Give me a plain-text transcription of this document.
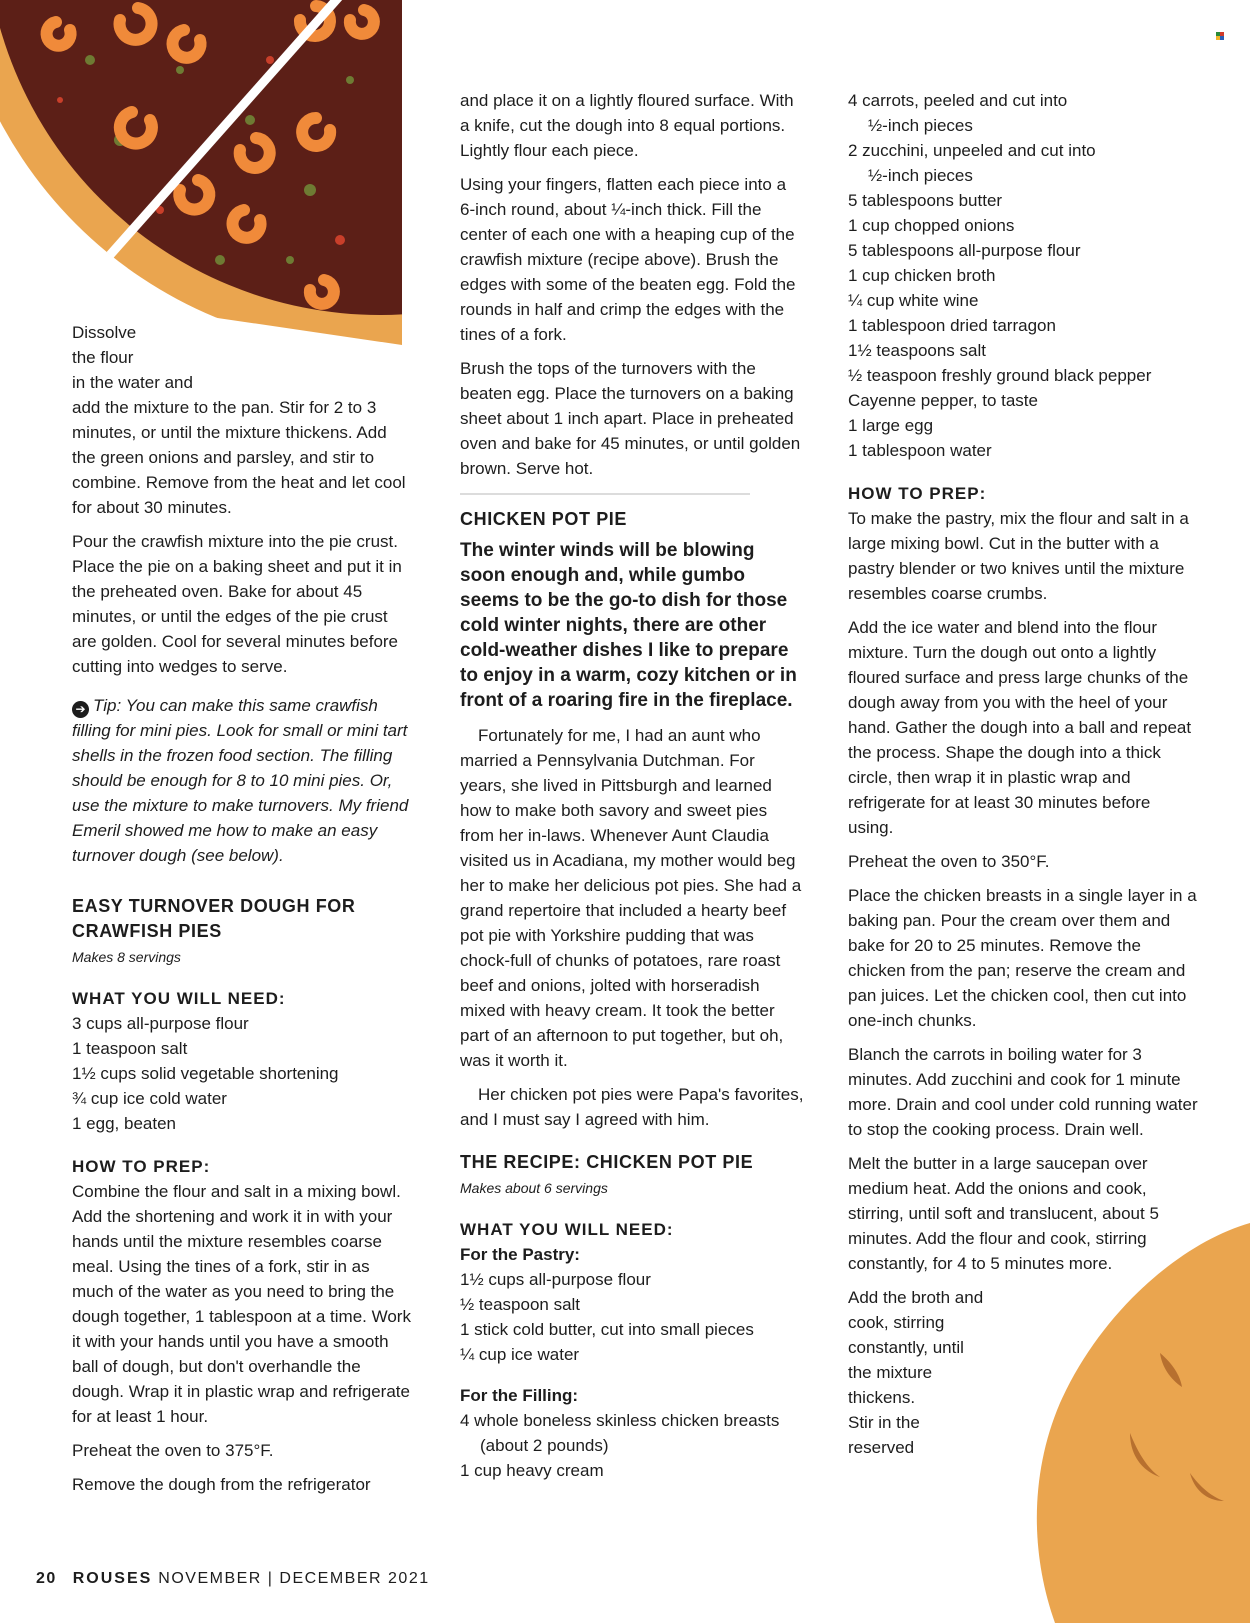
Dissolve
the flour
in the water and

add the mixture to the pan. Stir for 2 to 3 minutes, or until the mixture thickens. Add the green onions and parsley, and stir to combine. Remove from the heat and let cool for about 30 minutes.

Pour the crawfish mixture into the pie crust. Place the pie on a baking sheet and put it in the preheated oven. Bake for about 45 minutes, or until the edges of the pie crust are golden. Cool for several minutes before cutting into wedges to serve.

➔ Tip: You can make this same crawfish filling for mini pies. Look for small or mini tart shells in the frozen food section. The filling should be enough for 8 to 10 mini pies. Or, use the mixture to make turnovers. My friend Emeril showed me how to make an easy turnover dough (see below).

EASY TURNOVER DOUGH FOR CRAWFISH PIES
Makes 8 servings
WHAT YOU WILL NEED:
3 cups all-purpose flour
1 teaspoon salt
1½ cups solid vegetable shortening
¾ cup ice cold water
1 egg, beaten
HOW TO PREP:

Combine the flour and salt in a mixing bowl. Add the shortening and work it in with your hands until the mixture resembles coarse meal. Using the tines of a fork, stir in as much of the water as you need to bring the dough together, 1 tablespoon at a time. Work it with your hands until you have a smooth ball of dough, but don't overhandle the dough. Wrap it in plastic wrap and refrigerate for at least 1 hour.

Preheat the oven to 375°F.

Remove the dough from the refrigerator

and place it on a lightly floured surface. With a knife, cut the dough into 8 equal portions. Lightly flour each piece.

Using your fingers, flatten each piece into a 6-inch round, about ¼-inch thick. Fill the center of each one with a heaping cup of the crawfish mixture (recipe above). Brush the edges with some of the beaten egg. Fold the rounds in half and crimp the edges with the tines of a fork.

Brush the tops of the turnovers with the beaten egg. Place the turnovers on a baking sheet about 1 inch apart. Place in preheated oven and bake for 45 minutes, or until golden brown. Serve hot.

CHICKEN POT PIE

The winter winds will be blowing soon enough and, while gumbo seems to be the go-to dish for those cold winter nights, there are other cold-weather dishes I like to prepare to enjoy in a warm, cozy kitchen or in front of a roaring fire in the fireplace.

Fortunately for me, I had an aunt who married a Pennsylvania Dutchman. For years, she lived in Pittsburgh and learned how to make both savory and sweet pies from her in-laws. Whenever Aunt Claudia visited us in Acadiana, my mother would beg her to make her delicious pot pies. She had a grand repertoire that included a hearty beef pot pie with Yorkshire pudding that was chock-full of chunks of potatoes, rare roast beef and onions, jolted with horseradish mixed with heavy cream. It took the better part of an afternoon to put together, but oh, was it worth it.

Her chicken pot pies were Papa's favorites, and I must say I agreed with him.

THE RECIPE: CHICKEN POT PIE
Makes about 6 servings
WHAT YOU WILL NEED:
For the Pastry:
1½ cups all-purpose flour
½ teaspoon salt
1 stick cold butter, cut into small pieces
¼ cup ice water
For the Filling:
4 whole boneless skinless chicken breasts
(about 2 pounds)
1 cup heavy cream
4 carrots, peeled and cut into
½-inch pieces
2 zucchini, unpeeled and cut into
½-inch pieces
5 tablespoons butter
1 cup chopped onions
5 tablespoons all-purpose flour
1 cup chicken broth
¼ cup white wine
1 tablespoon dried tarragon
1½ teaspoons salt
½ teaspoon freshly ground black pepper
Cayenne pepper, to taste
1 large egg
1 tablespoon water
HOW TO PREP:

To make the pastry, mix the flour and salt in a large mixing bowl. Cut in the butter with a pastry blender or two knives until the mixture resembles coarse crumbs.

Add the ice water and blend into the flour mixture. Turn the dough out onto a lightly floured surface and press large chunks of the dough away from you with the heel of your hand. Gather the dough into a ball and repeat the process. Shape the dough into a thick circle, then wrap it in plastic wrap and refrigerate for at least 30 minutes before using.

Preheat the oven to 350°F.

Place the chicken breasts in a single layer in a baking pan. Pour the cream over them and bake for 20 to 25 minutes. Remove the chicken from the pan; reserve the cream and pan juices. Let the chicken cool, then cut into one-inch chunks.

Blanch the carrots in boiling water for 3 minutes. Add zucchini and cook for 1 minute more. Drain and cool under cold running water to stop the cooking process. Drain well.

Melt the butter in a large saucepan over medium heat. Add the onions and cook, stirring, until soft and translucent, about 5 minutes. Add the flour and cook, stirring constantly, for 4 to 5 minutes more.

Add the broth and
cook, stirring
constantly, until
the mixture
thickens.
Stir in the
reserved
20 ROUSES NOVEMBER | DECEMBER 2021
